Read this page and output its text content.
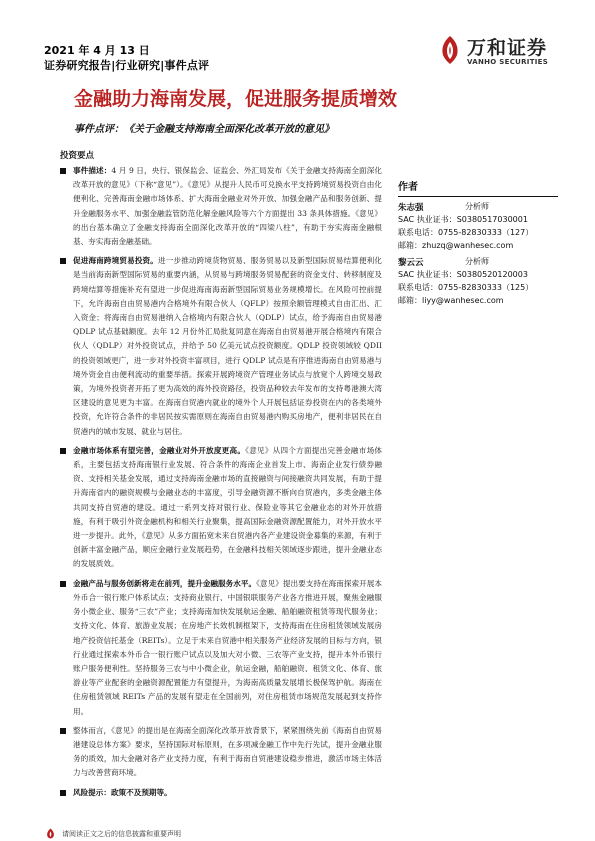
2021 年 4 月 13 日
证券研究报告|行业研究|事件点评
万和证券
VANHO SECURITIES
金融助力海南发展，促进服务提质增效
事件点评：《关于金融支持海南全面深化改革开放的意见》
投资要点
事件描述：4 月 9 日，央行、银保监会、证监会、外汇局发布《关于金融支持海南全面深化改革开放的意见》（下称“意见”）。《意见》从提升人民币可兑换水平支持跨境贸易投资自由化便利化、完善海南金融市场体系、扩大海南金融业对外开放、加强金融产品和服务创新、提升金融服务水平、加强金融监管防范化解金融风险等六个方面提出 33 条具体措施。《意见》的出台基本确立了金融支持海南全面深化改革开放的“四梁八柱”，有助于夯实海南金融根基、夯实海南金融基础。
促进海南跨境贸易投资。进一步推动跨境货物贸易、服务贸易以及新型国际贸易结算便利化是当前海南新型国际贸易的重要内涵，从贸易与跨境服务贸易配套的资金支付、转移制度及跨境结算等措施补充有望进一步促进海南海南新型国际贸易业务规模增长。在风险可控前提下，允许海南自由贸易港内合格境外有限合伙人（QFLP）按照余额管理模式自由汇出、汇入资金；将海南自由贸易港纳入合格境内有限合伙人（QDLP）试点，给予海南自由贸易港 QDLP 试点基础额度。去年 12 月份外汇局批复同意在海南自由贸易港开展合格境内有限合伙人（QDLP）对外投资试点，并给予 50 亿美元试点投资额度。QDLP 投资领域较 QDII 的投资领域更广，进一步对外投资丰富项目，进行 QDLP 试点是有序推进海南自由贸易港与境外资金自由便利流动的重要举措。探索开展跨境资产管理业务试点与放宽个人跨境交易政策，为境外投资者开拓了更为高效的海外投资路径，投资品种较去年发布的支持粤港澳大湾区建设的意见更为丰富。在海南自贸港内就业的境外个人开展包括证券投资在内的各类境外投资，允许符合条件的非居民按实需原则在海南自由贸易港内购买房地产，便利非居民在自贸港内的城市发展、就业与居住。
金融市场体系有望完善，金融业对外开放度更高。《意见》从四个方面提出完善金融市场体系，主要包括支持海南银行业发展、符合条件的海南企业首发上市、海南企业发行债券融资、支持相关基金发展，通过支持海南金融市场的直接融资与间接融资共同发展，有助于提升海南省内的融资规模与金融业态的丰富度，引导金融资源不断向自贸港内，多类金融主体共同支持自贸港的建设。通过一系列支持对银行业、保险业等其它金融业态的对外开放措施，有利于吸引外资金融机构和相关行业聚集，提高国际金融资源配置能力，对外开放水平进一步提升。此外，《意见》从多方面拓宽未来自贸港内各产业建设资金募集的来源，有利于创新丰富金融产品，顺应金融行业发展趋势，在金融科技相关领域逐步跟进，提升金融业态的发展质效。
金融产品与服务创新将走在前列，提升金融服务水平。《意见》提出要支持在海南探索开展本外币合一银行账户体系试点；支持商业银行、中国银联服务产业各方推进开展，聚焦金融服务小微企业、服务“三农”产业；支持海南加快发展航运金融、船舶融资租赁等现代服务业；支持文化、体育、旅游业发展；在房地产长效机制框架下，支持海南在住房租赁领域发展房地产投资信托基金（REITs）。立足于未来自贸港中相关服务产业经济发展的目标与方向，银行业通过探索本外币合一银行账户试点以及加大对小微、三农等产业支持，提升本外币银行账户服务便利性。坚持服务三农与中小微企业，航运金融，船舶融资、租赁文化、体育、旅游业等产业配套的金融资源配置能力有望提升，为海南高质量发展增长极保驾护航。海南在住房租赁领域 REITs 产品的发展有望走在全国前列，对住房租赁市场规范发展起到支持作用。
整体而言，《意见》的提出是在海南全面深化改革开放背景下，紧紧围绕先前《海南自由贸易港建设总体方案》要求，坚持国际对标原则，在多项减金融工作中先行先试，提升金融业服务的质效，加大金融对各产业支持力度，有利于海南自贸港建设稳步推进，激活市场主体活力与改善营商环境。
风险提示：政策不及预期等。
作者
朱志强	分析师
SAC 执业证书：S0380517030001
联系电话：0755-82830333（127）
邮箱：zhuzq@wanhesec.com
黎云云	分析师
SAC 执业证书：S0380520120003
联系电话：0755-82830333（125）
邮箱：liyy@wanhesec.com
请阅读正文之后的信息披露和重要声明
